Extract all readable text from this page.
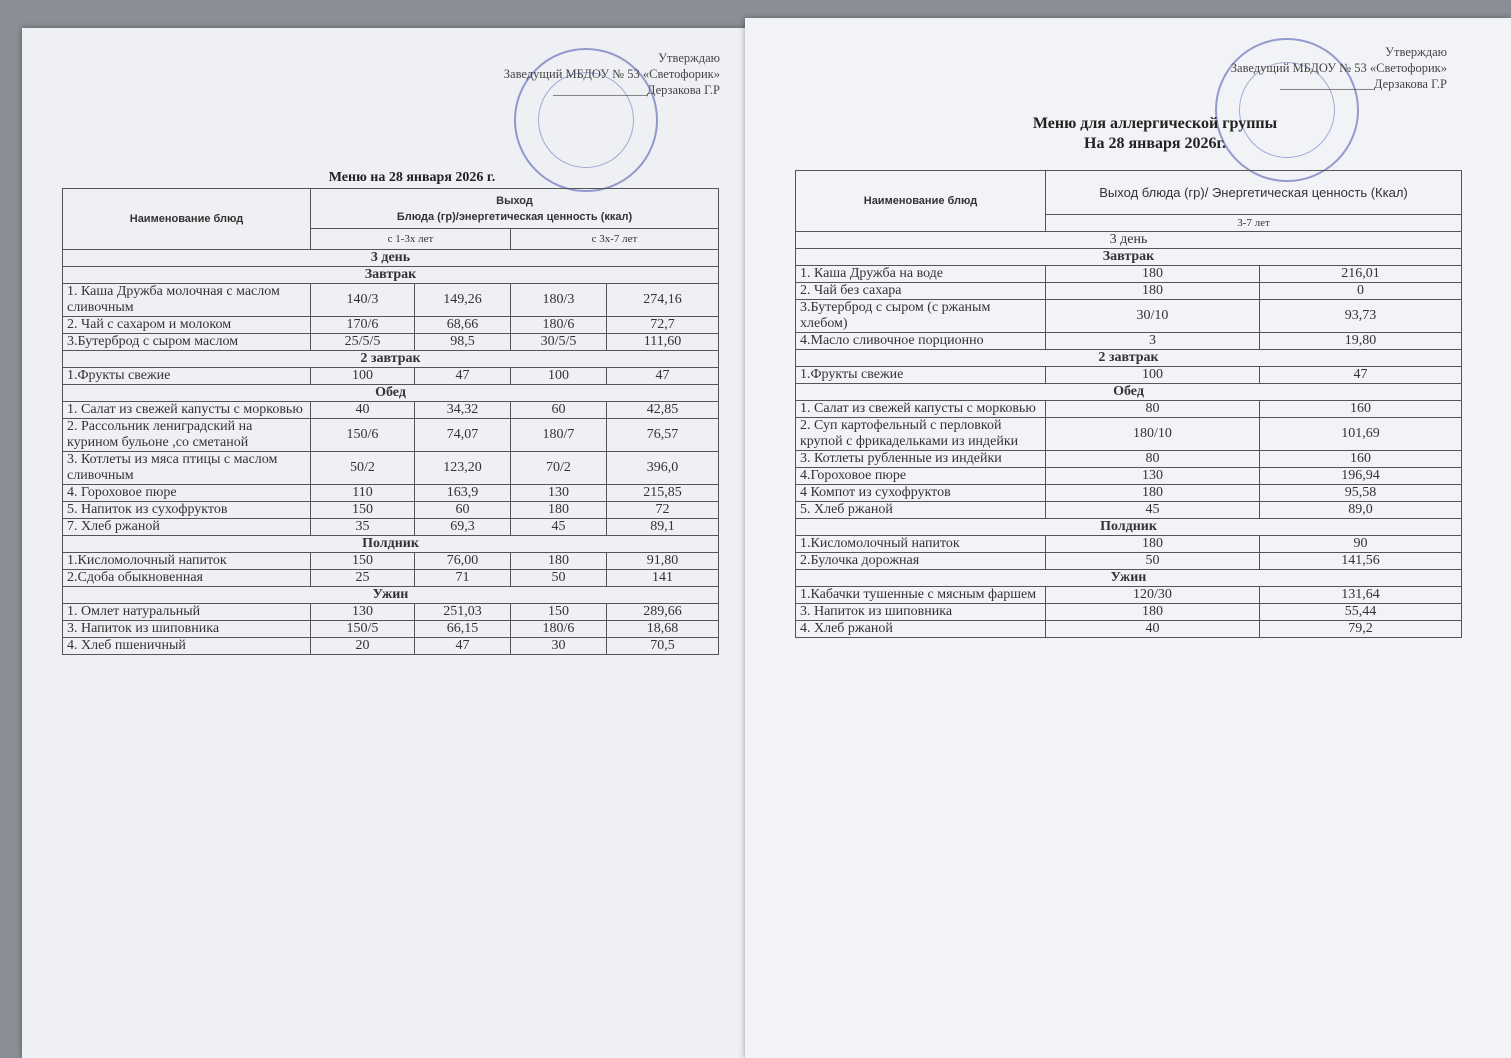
Утверждаю
Заведущий МБДОУ № 53 «Светофорик»
_______________Дерзакова Г.Р
Меню на 28 января 2026 г.
Наименование блюд	Выход
Блюда (гр)/энергетическая ценность (ккал)			

	с 1-3х лет		с 3х-7 лет	
3 день				
Завтрак				
1. Каша Дружба молочная с маслом сливочным	140/3	149,26	180/3	274,16
2. Чай с сахаром и молоком	170/6	68,66	180/6	72,7
3.Бутерброд с сыром маслом	25/5/5	98,5	30/5/5	111,60
2 завтрак				
1.Фрукты свежие	100	47	100	47
Обед				
1. Салат из свежей капусты с морковью	40	34,32	60	42,85
2. Рассольник лениградский на курином бульоне ,со сметаной	150/6	74,07	180/7	76,57
3. Котлеты из мяса птицы с маслом сливочным	50/2	123,20	70/2	396,0
4. Гороховое пюре	110	163,9	130	215,85
5. Напиток из сухофруктов	150	60	180	72
7. Хлеб ржаной	35	69,3	45	89,1
Полдник				
1.Кисломолочный напиток	150	76,00	180	91,80
2.Сдоба обыкновенная	25	71	50	141
Ужин				
1. Омлет натуральный	130	251,03	150	289,66
3. Напиток из шиповника	150/5	66,15	180/6	18,68
4. Хлеб пшеничный	20	47	30	70,5
Утверждаю
Заведущий МБДОУ № 53 «Светофорик»
_______________Дерзакова Г.Р
Меню для аллергической группы
На 28 января 2026г.
Наименование блюд	Выход блюда (гр)/ Энергетическая ценность (Ккал)	
	3-7 лет	
3 день		
Завтрак		
1. Каша Дружба на воде	180	216,01
2. Чай без сахара	180	0
3.Бутерброд с сыром (с ржаным хлебом)	30/10	93,73
4.Масло сливочное порционно	3	19,80
2 завтрак		
1.Фрукты свежие	100	47
Обед		
1. Салат из свежей капусты с морковью	80	160
2. Суп картофельный с перловкой крупой с фрикадельками из индейки	180/10	101,69
3. Котлеты рубленные из индейки	80	160
4.Гороховое пюре	130	196,94
4 Компот из сухофруктов	180	95,58
5. Хлеб ржаной	45	89,0
Полдник		
1.Кисломолочный напиток	180	90
2.Булочка дорожная	50	141,56
Ужин		
1.Кабачки тушенные с мясным фаршем	120/30	131,64
3. Напиток из шиповника	180	55,44
4. Хлеб ржаной	40	79,2
